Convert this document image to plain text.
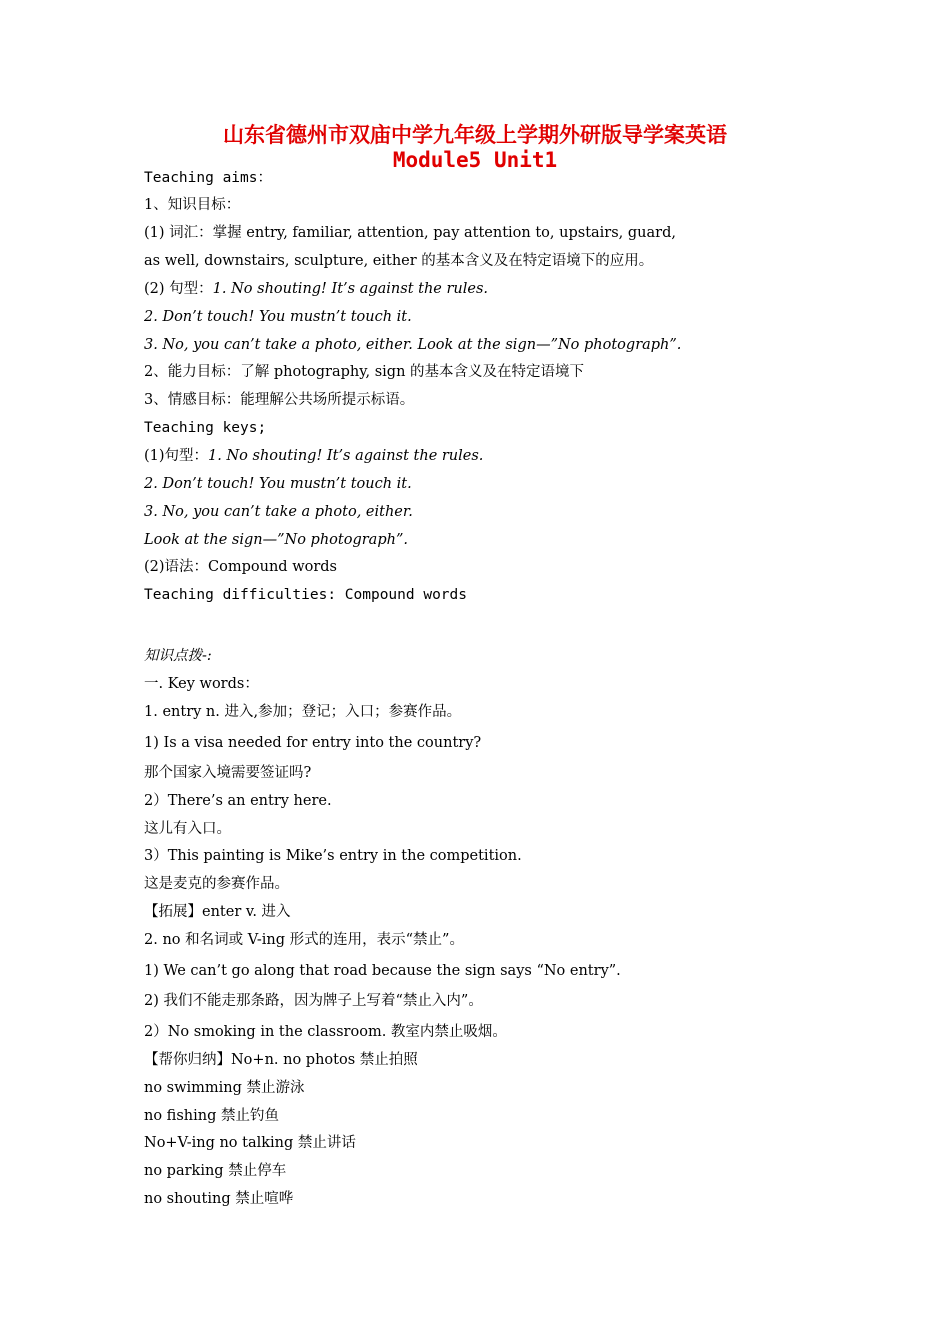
山东省德州市双庙中学九年级上学期外研版导学案英语
Module5 Unit1
Teaching aims：
1、知识目标：
(1) 词汇：掌握 entry, familiar, attention, pay attention to, upstairs, guard,
as well, downstairs, sculpture, either 的基本含义及在特定语境下的应用。
(2) 句型：1. No shouting! It’s against the rules.
2. Don’t touch! You mustn’t touch it.
3. No, you can’t take a photo, either. Look at the sign—”No photograph”.
2、能力目标：了解 photography, sign 的基本含义及在特定语境下
3、情感目标：能理解公共场所提示标语。
Teaching keys;
(1)句型：1. No shouting! It’s against the rules.
2. Don’t touch! You mustn’t touch it.
3. No, you can’t take a photo, either.
Look at the sign—”No photograph”.
(2)语法：Compound words
Teaching difficulties: Compound words
知识点拨-:
一. Key words：
1. entry n. 进入,参加；登记；入口；参赛作品。
1) Is a visa needed for entry into the country?
那个国家入境需要签证吗?
2）There’s an entry here.
这儿有入口。
3）This painting is Mike’s entry in the competition.
这是麦克的参赛作品。
【拓展】enter v. 进入
2. no 和名词或 V-ing 形式的连用，表示“禁止”。
1) We can’t go along that road because the sign says “No entry”.
2) 我们不能走那条路，因为牌子上写着“禁止入内”。
2）No smoking in the classroom. 教室内禁止吸烟。
【帮你归纳】No+n. no photos 禁止拍照
no swimming 禁止游泳
no fishing 禁止钓鱼
No+V-ing no talking 禁止讲话
no parking 禁止停车
no shouting 禁止喧哗
